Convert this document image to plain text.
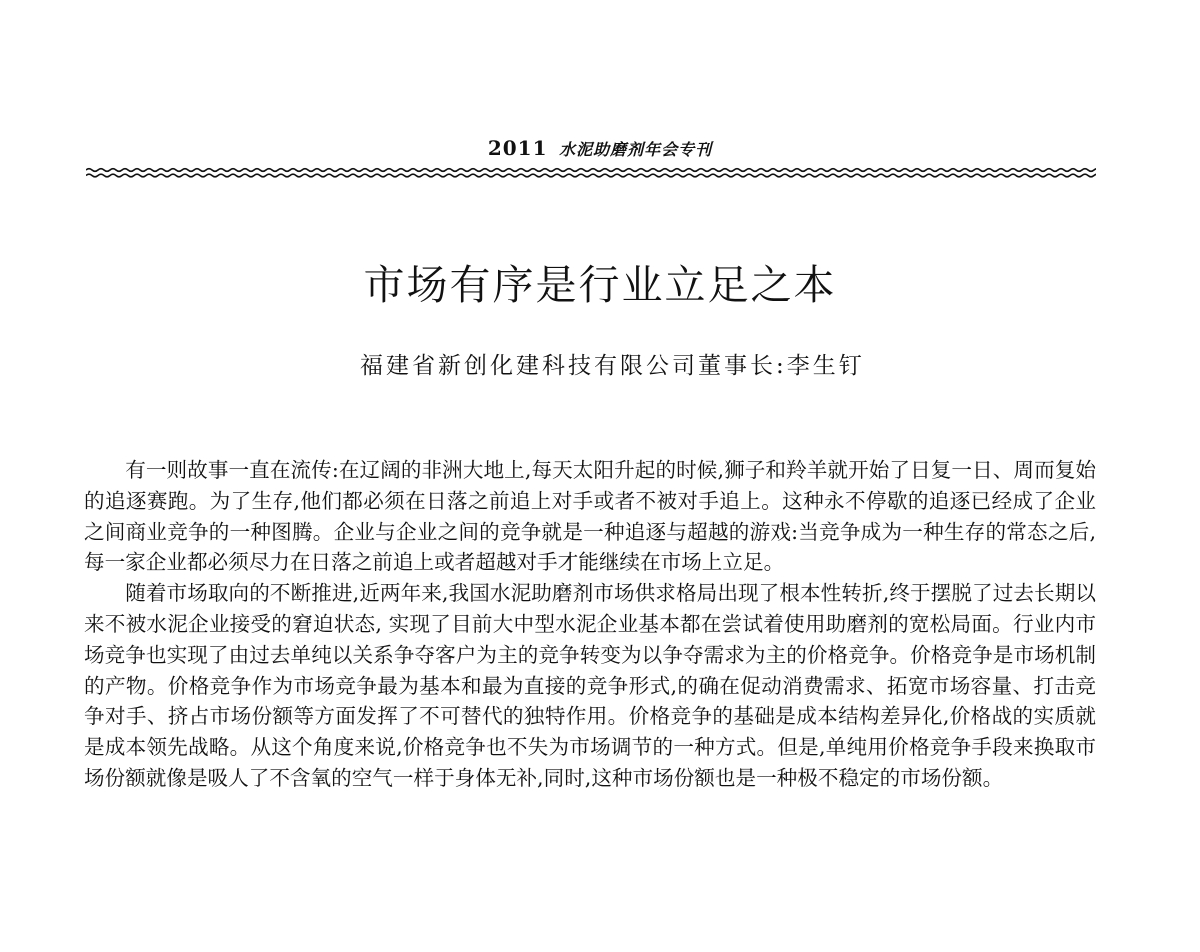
2011 水泥助磨剂年会专刊
市场有序是行业立足之本
福建省新创化建科技有限公司董事长:李生钉

有一则故事一直在流传:在辽阔的非洲大地上,每天太阳升起的时候,狮子和羚羊就开始了日复一日、周而复始的追逐赛跑。为了生存,他们都必须在日落之前追上对手或者不被对手追上。这种永不停歇的追逐已经成了企业之间商业竞争的一种图腾。企业与企业之间的竞争就是一种追逐与超越的游戏:当竞争成为一种生存的常态之后,每一家企业都必须尽力在日落之前追上或者超越对手才能继续在市场上立足。

随着市场取向的不断推进,近两年来,我国水泥助磨剂市场供求格局出现了根本性转折,终于摆脱了过去长期以来不被水泥企业接受的窘迫状态, 实现了目前大中型水泥企业基本都在尝试着使用助磨剂的宽松局面。行业内市场竞争也实现了由过去单纯以关系争夺客户为主的竞争转变为以争夺需求为主的价格竞争。价格竞争是市场机制的产物。价格竞争作为市场竞争最为基本和最为直接的竞争形式,的确在促动消费需求、拓宽市场容量、打击竞争对手、挤占市场份额等方面发挥了不可替代的独特作用。价格竞争的基础是成本结构差异化,价格战的实质就是成本领先战略。从这个角度来说,价格竞争也不失为市场调节的一种方式。但是,单纯用价格竞争手段来换取市场份额就像是吸人了不含氧的空气一样于身体无补,同时,这种市场份额也是一种极不稳定的市场份额。
